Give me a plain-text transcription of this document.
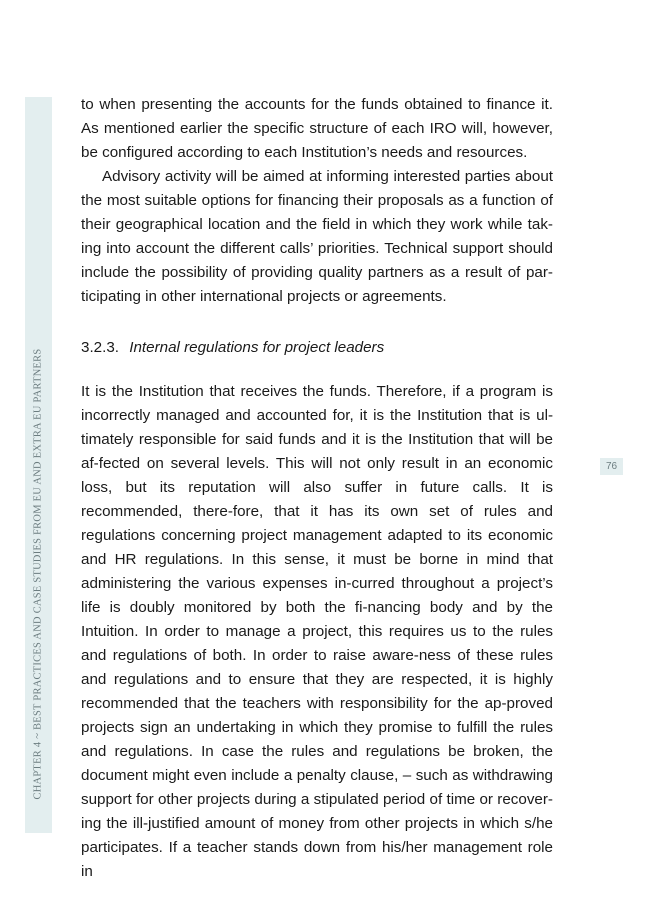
CHAPTER 4 ~ BEST PRACTICES AND CASE STUDIES FROM EU AND EXTRA EU PARTNERS	76

to when presenting the accounts for the funds obtained to finance it. As mentioned earlier the specific structure of each IRO will, however, be configured according to each Institution’s needs and resources.

Advisory activity will be aimed at informing interested parties about the most suitable options for financing their proposals as a function of their geographical location and the field in which they work while tak-ing into account the different calls’ priorities. Technical support should include the possibility of providing quality partners as a result of par-ticipating in other international projects or agreements.

3.2.3. Internal regulations for project leaders

It is the Institution that receives the funds. Therefore, if a program is incorrectly managed and accounted for, it is the Institution that is ul-timately responsible for said funds and it is the Institution that will be af-fected on several levels. This will not only result in an economic loss, but its reputation will also suffer in future calls. It is recommended, there-fore, that it has its own set of rules and regulations concerning project management adapted to its economic and HR regulations. In this sense, it must be borne in mind that administering the various expenses in-curred throughout a project’s life is doubly monitored by both the fi-nancing body and by the Intuition. In order to manage a project, this requires us to the rules and regulations of both. In order to raise aware-ness of these rules and regulations and to ensure that they are respected, it is highly recommended that the teachers with responsibility for the ap-proved projects sign an undertaking in which they promise to fulfill the rules and regulations. In case the rules and regulations be broken, the document might even include a penalty clause, – such as withdrawing support for other projects during a stipulated period of time or recover-ing the ill-justified amount of money from other projects in which s/he participates. If a teacher stands down from his/her management role in
